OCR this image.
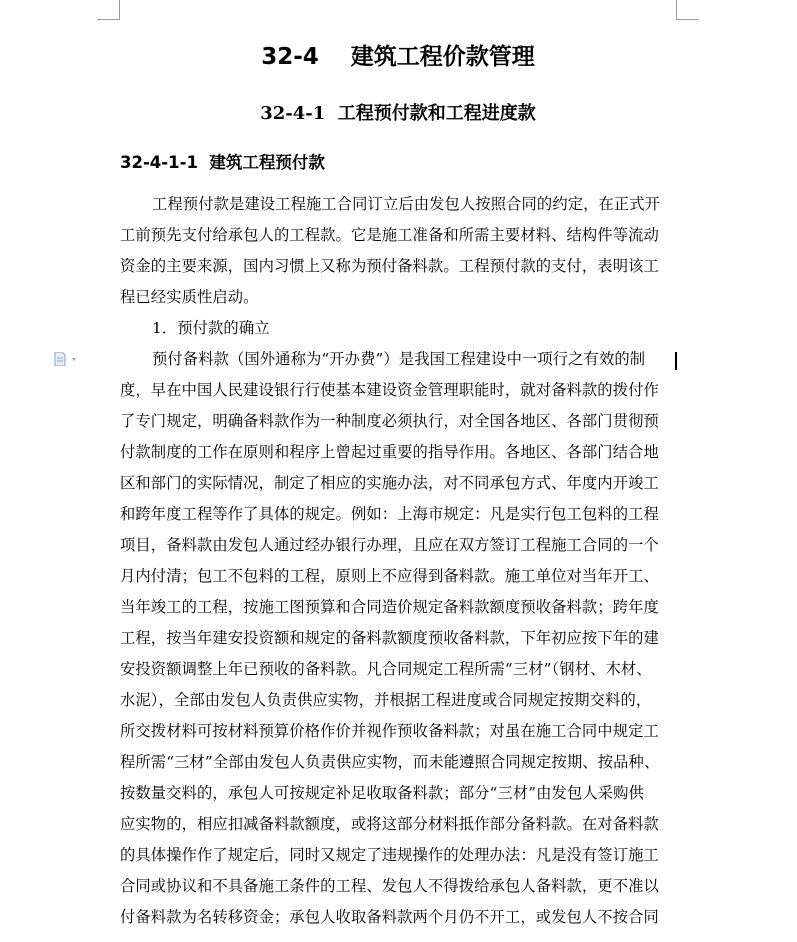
32-4    建筑工程价款管理
32-4-1  工程预付款和工程进度款
32-4-1-1  建筑工程预付款
工程预付款是建设工程施工合同订立后由发包人按照合同的约定，在正式开
工前预先支付给承包人的工程款。它是施工准备和所需主要材料、结构件等流动
资金的主要来源，国内习惯上又称为预付备料款。工程预付款的支付，表明该工
程已经实质性启动。
1．预付款的确立
预付备料款（国外通称为“开办费”）是我国工程建设中一项行之有效的制
度，早在中国人民建设银行行使基本建设资金管理职能时，就对备料款的拨付作
了专门规定，明确备料款作为一种制度必须执行，对全国各地区、各部门贯彻预
付款制度的工作在原则和程序上曾起过重要的指导作用。各地区、各部门结合地
区和部门的实际情况，制定了相应的实施办法，对不同承包方式、年度内开竣工
和跨年度工程等作了具体的规定。例如：上海市规定：凡是实行包工包料的工程
项目，备料款由发包人通过经办银行办理，且应在双方签订工程施工合同的一个
月内付清；包工不包料的工程，原则上不应得到备料款。施工单位对当年开工、
当年竣工的工程，按施工图预算和合同造价规定备料款额度预收备料款；跨年度
工程，按当年建安投资额和规定的备料款额度预收备料款，下年初应按下年的建
安投资额调整上年已预收的备料款。凡合同规定工程所需“三材”（钢材、木材、
水泥），全部由发包人负责供应实物，并根据工程进度或合同规定按期交料的，
所交拨材料可按材料预算价格作价并视作预收备料款；对虽在施工合同中规定工
程所需“三材”全部由发包人负责供应实物，而未能遵照合同规定按期、按品种、
按数量交料的，承包人可按规定补足收取备料款；部分“三材”由发包人采购供
应实物的，相应扣减备料款额度，或将这部分材料抵作部分备料款。在对备料款
的具体操作作了规定后，同时又规定了违规操作的处理办法：凡是没有签订施工
合同或协议和不具备施工条件的工程、发包人不得拨给承包人备料款，更不准以
付备料款为名转移资金；承包人收取备料款两个月仍不开工，或发包人不按合同
